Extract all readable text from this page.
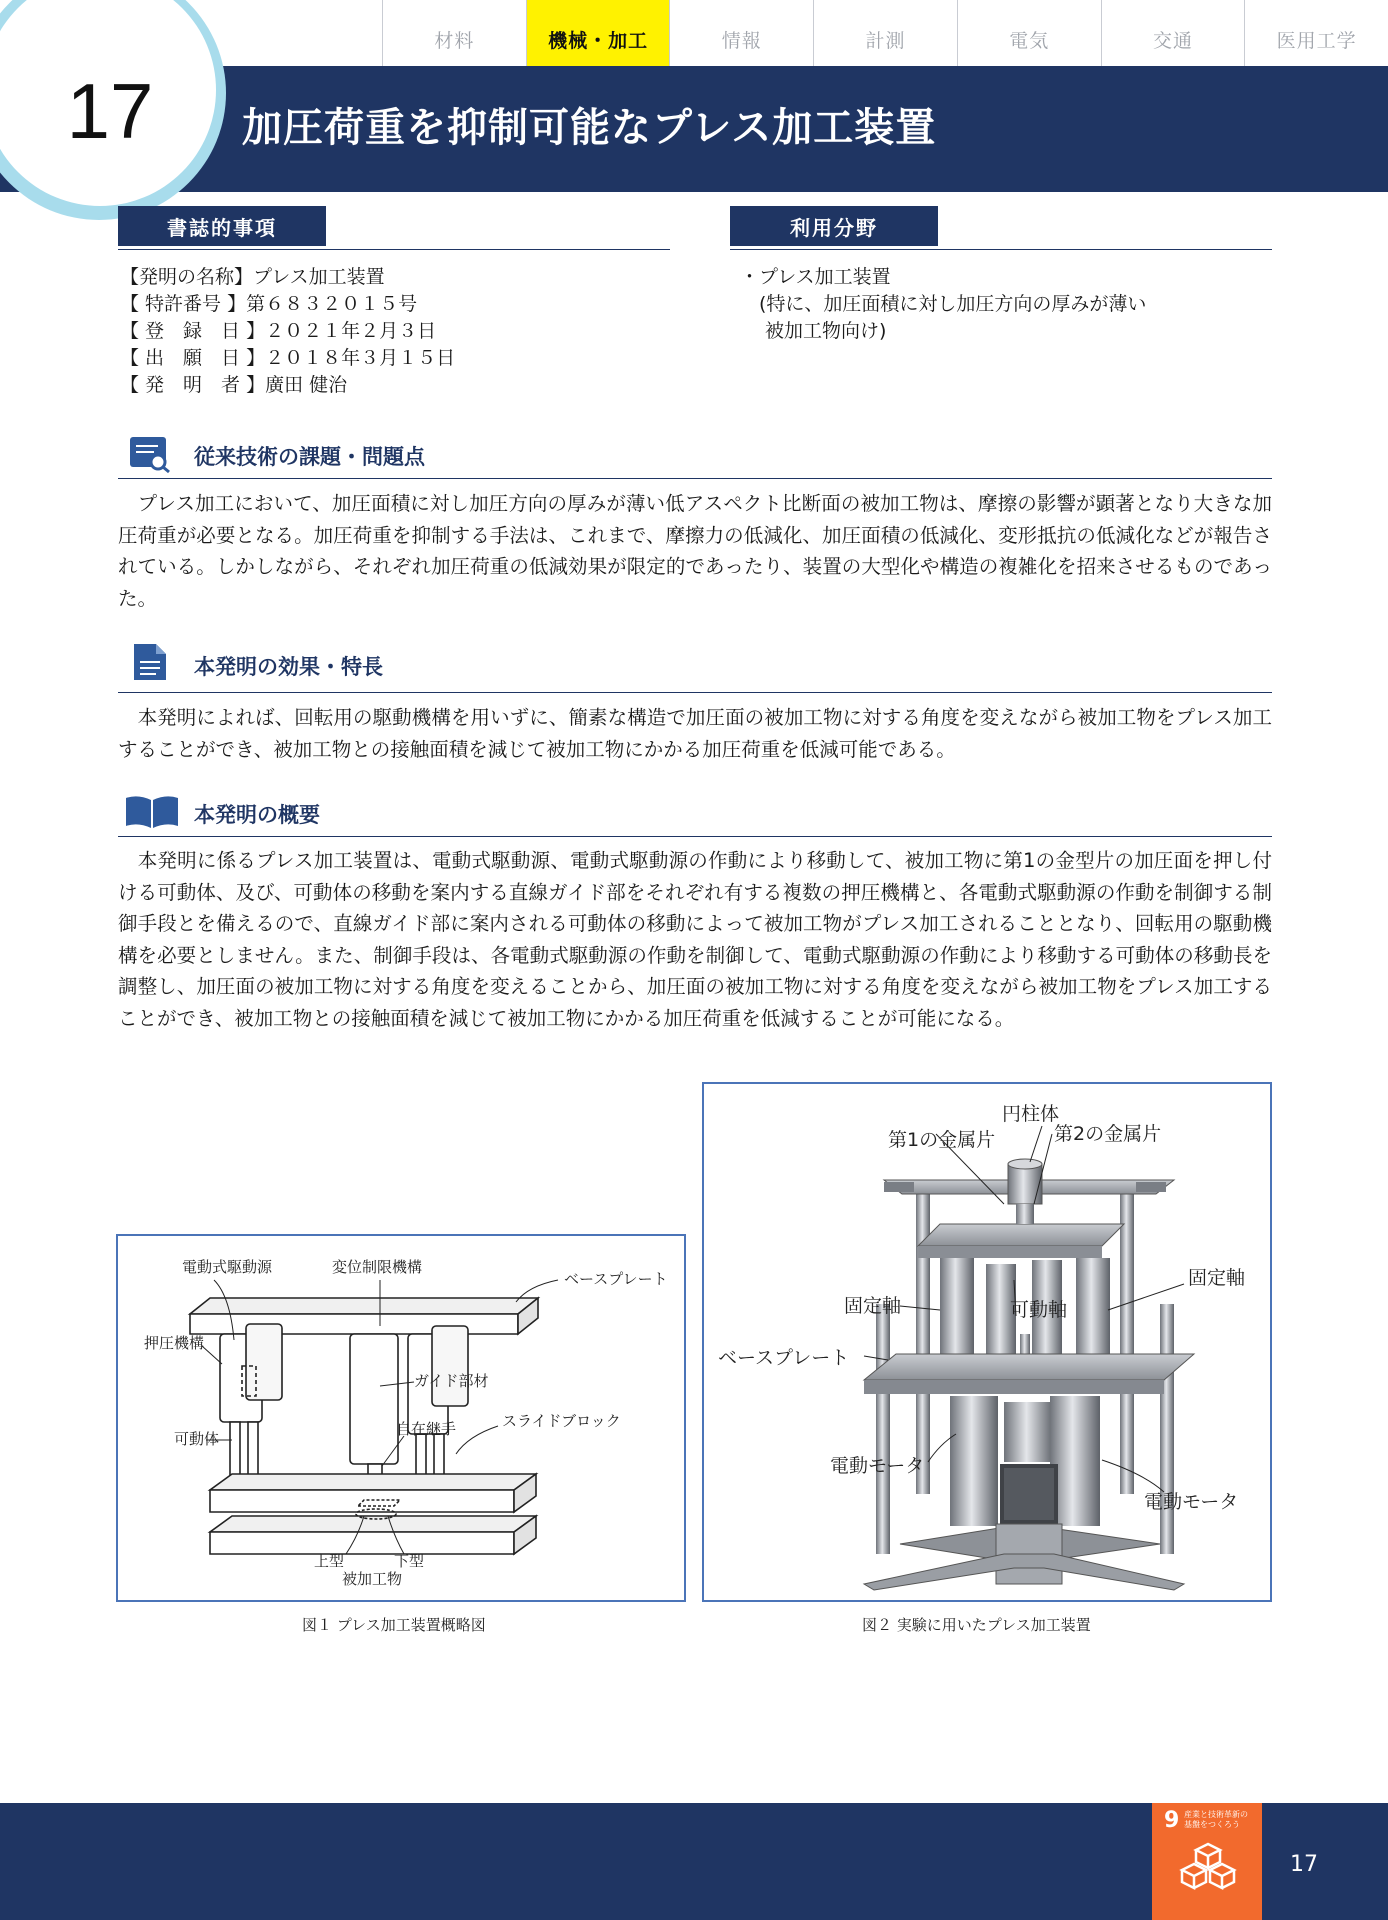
材料	機械・加工	情報	計測	電気	交通	医用工学
17 加圧荷重を抑制可能なプレス加工装置
書誌的事項
【発明の名称】プレス加工装置
【 特許番号 】第６８３２０１５号
【 登　録　日 】２０２１年２月３日
【 出　願　日 】２０１８年３月１５日
【 発　明　者 】廣田 健治
利用分野
・プレス加工装置
　(特に、加圧面積に対し加圧方向の厚みが薄い
　 被加工物向け)
従来技術の課題・問題点
　プレス加工において、加圧面積に対し加圧方向の厚みが薄い低アスペクト比断面の被加工物は、摩擦の影響が顕著となり大きな加圧荷重が必要となる。加圧荷重を抑制する手法は、これまで、摩擦力の低減化、加圧面積の低減化、変形抵抗の低減化などが報告されている。しかしながら、それぞれ加圧荷重の低減効果が限定的であったり、装置の大型化や構造の複雑化を招来させるものであった。
本発明の効果・特長
　本発明によれば、回転用の駆動機構を用いずに、簡素な構造で加圧面の被加工物に対する角度を変えながら被加工物をプレス加工することができ、被加工物との接触面積を減じて被加工物にかかる加圧荷重を低減可能である。
本発明の概要
　本発明に係るプレス加工装置は、電動式駆動源、電動式駆動源の作動により移動して、被加工物に第1の金型片の加圧面を押し付ける可動体、及び、可動体の移動を案内する直線ガイド部をそれぞれ有する複数の押圧機構と、各電動式駆動源の作動を制御する制御手段とを備えるので、直線ガイド部に案内される可動体の移動によって被加工物がプレス加工されることとなり、回転用の駆動機構を必要としません。また、制御手段は、各電動式駆動源の作動を制御して、電動式駆動源の作動により移動する可動体の移動長を調整し、加圧面の被加工物に対する角度を変えることから、加圧面の被加工物に対する角度を変えながら被加工物をプレス加工することができ、被加工物との接触面積を減じて被加工物にかかる加圧荷重を低減することが可能になる。
電動式駆動源	変位制限機構
ベースプレート
押圧機構
ガイド部材
可動体
自在継手	スライドブロック
上型	下型
被加工物
図１ プレス加工装置概略図
円柱体
第1の金属片	第2の金属片
固定軸
固定軸
可動軸
ベースプレート
電動モータ
電動モータ
図２ 実験に用いたプレス加工装置
9 産業と技術革新の基盤をつくろう
17
